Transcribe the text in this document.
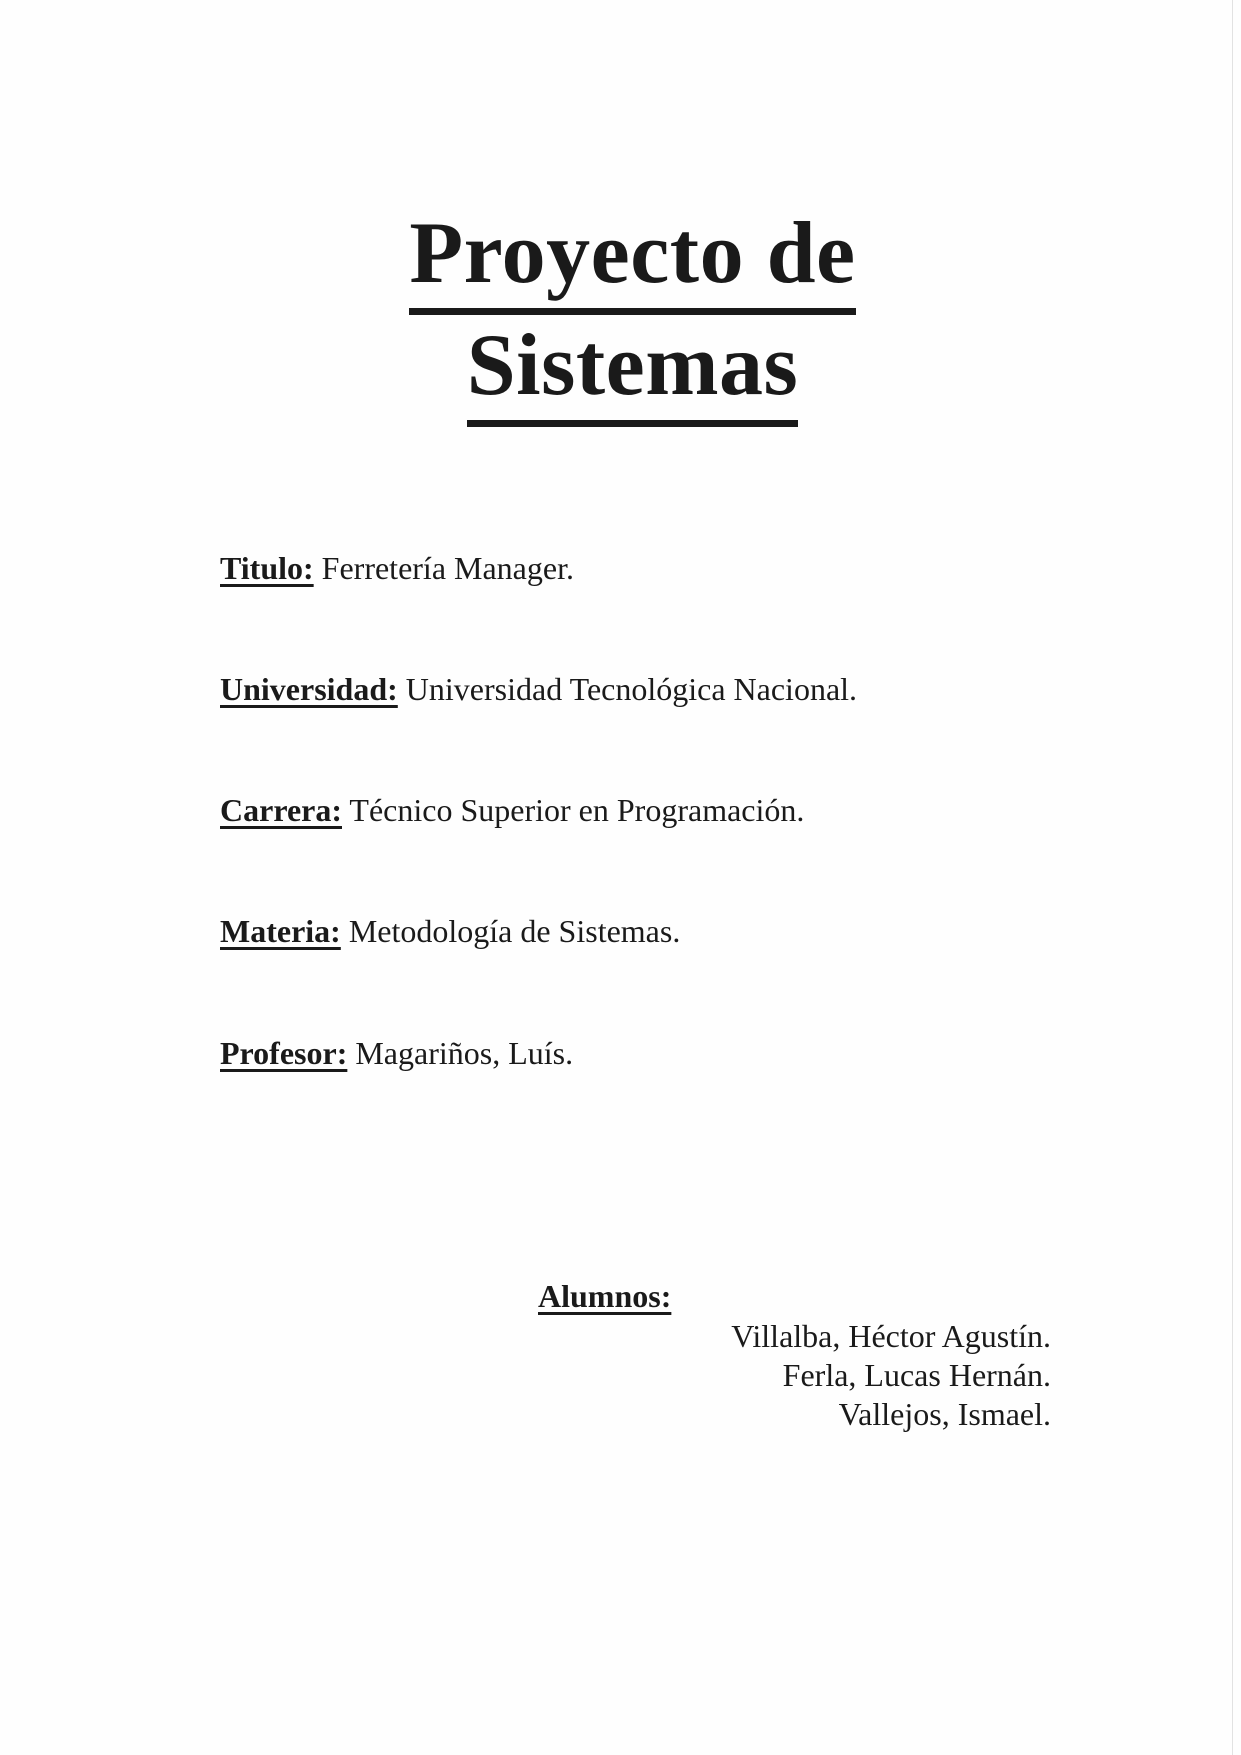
Proyecto de
Sistemas
Titulo: Ferretería Manager.
Universidad: Universidad Tecnológica Nacional.
Carrera: Técnico Superior en Programación.
Materia: Metodología de Sistemas.
Profesor: Magariños, Luís.
Alumnos:
Villalba, Héctor Agustín.
Ferla, Lucas Hernán.
Vallejos, Ismael.
